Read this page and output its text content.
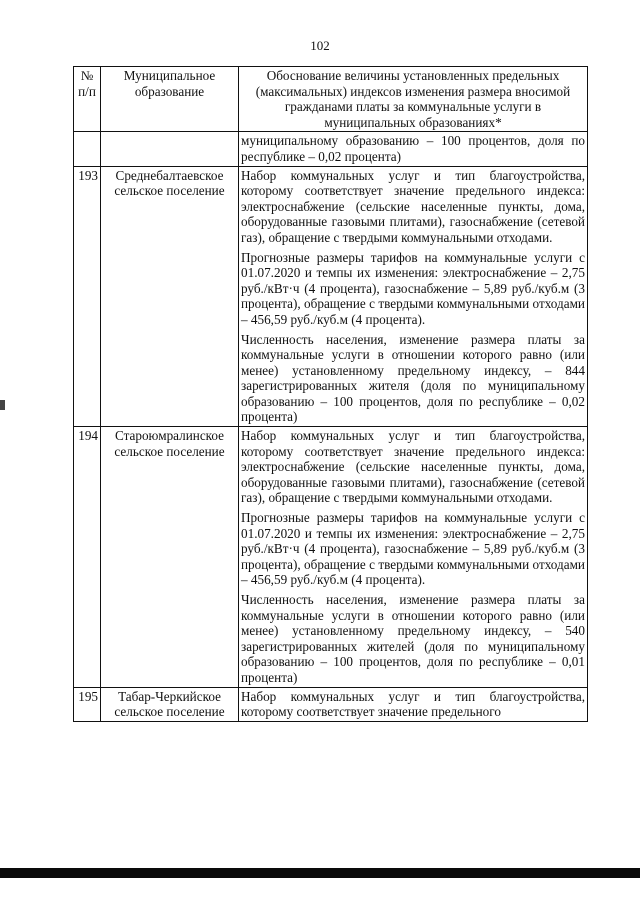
102
№ п/п	Муниципальное образование	Обоснование величины установленных предельных (максимальных) индексов изменения размера вносимой гражданами платы за коммунальные услуги в муниципальных образованиях*

		муниципальному образованию – 100 процентов, доля по республике – 0,02 процента)

193	Среднебалтаевское сельское поселение	Набор коммунальных услуг и тип благоустройства, которому соответствует значение предельного индекса: электроснабжение (сельские населенные пункты, дома, оборудованные газовыми плитами), газоснабжение (сетевой газ), обращение с твердыми коммунальными отходами.

Прогнозные размеры тарифов на коммунальные услуги с 01.07.2020 и темпы их изменения: электроснабжение – 2,75 руб./кВт·ч (4 процента), газоснабжение – 5,89 руб./куб.м (3 процента), обращение с твердыми коммунальными отходами – 456,59 руб./куб.м (4 процента).

Численность населения, изменение размера платы за коммунальные услуги в отношении которого равно (или менее) установленному предельному индексу, – 844 зарегистрированных жителя (доля по муниципальному образованию – 100 процентов, доля по республике – 0,02 процента)

194	Староюмралинское сельское поселение	Набор коммунальных услуг и тип благоустройства, которому соответствует значение предельного индекса: электроснабжение (сельские населенные пункты, дома, оборудованные газовыми плитами), газоснабжение (сетевой газ), обращение с твердыми коммунальными отходами.

Прогнозные размеры тарифов на коммунальные услуги с 01.07.2020 и темпы их изменения: электроснабжение – 2,75 руб./кВт·ч (4 процента), газоснабжение – 5,89 руб./куб.м (3 процента), обращение с твердыми коммунальными отходами – 456,59 руб./куб.м (4 процента).

Численность населения, изменение размера платы за коммунальные услуги в отношении которого равно (или менее) установленному предельному индексу, – 540 зарегистрированных жителей (доля по муниципальному образованию – 100 процентов, доля по республике – 0,01 процента)

195	Табар-Черкийское сельское поселение	Набор коммунальных услуг и тип благоустройства, которому соответствует значение предельного
